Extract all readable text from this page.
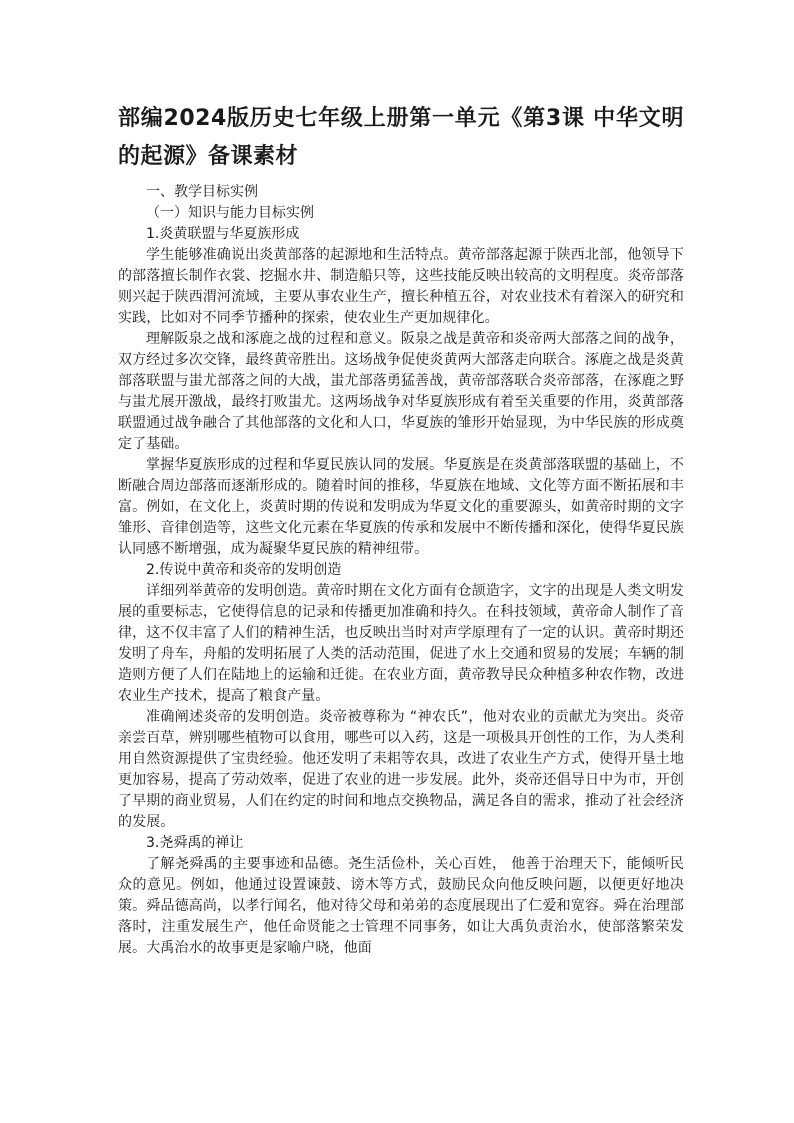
部编2024版历史七年级上册第一单元《第3课 中华文明的起源》备课素材

一、教学目标实例

（一）知识与能力目标实例

1.炎黄联盟与华夏族形成

学生能够准确说出炎黄部落的起源地和生活特点。黄帝部落起源于陕西北部，他领导下的部落擅长制作衣裳、挖掘水井、制造船只等，这些技能反映出较高的文明程度。炎帝部落则兴起于陕西渭河流域，主要从事农业生产，擅长种植五谷，对农业技术有着深入的研究和实践，比如对不同季节播种的探索，使农业生产更加规律化。

理解阪泉之战和涿鹿之战的过程和意义。阪泉之战是黄帝和炎帝两大部落之间的战争，双方经过多次交锋，最终黄帝胜出。这场战争促使炎黄两大部落走向联合。涿鹿之战是炎黄部落联盟与蚩尤部落之间的大战，蚩尤部落勇猛善战，黄帝部落联合炎帝部落，在涿鹿之野与蚩尤展开激战，最终打败蚩尤。这两场战争对华夏族形成有着至关重要的作用，炎黄部落联盟通过战争融合了其他部落的文化和人口，华夏族的雏形开始显现，为中华民族的形成奠定了基础。

掌握华夏族形成的过程和华夏民族认同的发展。华夏族是在炎黄部落联盟的基础上，不断融合周边部落而逐渐形成的。随着时间的推移，华夏族在地域、文化等方面不断拓展和丰富。例如，在文化上，炎黄时期的传说和发明成为华夏文化的重要源头，如黄帝时期的文字雏形、音律创造等，这些文化元素在华夏族的传承和发展中不断传播和深化，使得华夏民族认同感不断增强，成为凝聚华夏民族的精神纽带。

2.传说中黄帝和炎帝的发明创造

详细列举黄帝的发明创造。黄帝时期在文化方面有仓颉造字，文字的出现是人类文明发展的重要标志，它使得信息的记录和传播更加准确和持久。在科技领域，黄帝命人制作了音律，这不仅丰富了人们的精神生活，也反映出当时对声学原理有了一定的认识。黄帝时期还发明了舟车，舟船的发明拓展了人类的活动范围，促进了水上交通和贸易的发展；车辆的制造则方便了人们在陆地上的运输和迁徙。在农业方面，黄帝教导民众种植多种农作物，改进农业生产技术，提高了粮食产量。

准确阐述炎帝的发明创造。炎帝被尊称为 “神农氏”，他对农业的贡献尤为突出。炎帝亲尝百草，辨别哪些植物可以食用，哪些可以入药，这是一项极具开创性的工作，为人类利用自然资源提供了宝贵经验。他还发明了耒耜等农具，改进了农业生产方式，使得开垦土地更加容易，提高了劳动效率，促进了农业的进一步发展。此外，炎帝还倡导日中为市，开创了早期的商业贸易，人们在约定的时间和地点交换物品，满足各自的需求，推动了社会经济的发展。

3.尧舜禹的禅让

了解尧舜禹的主要事迹和品德。尧生活俭朴，关心百姓， 他善于治理天下，能倾听民众的意见。例如，他通过设置谏鼓、谤木等方式，鼓励民众向他反映问题，以便更好地决策。舜品德高尚，以孝行闻名，他对待父母和弟弟的态度展现出了仁爱和宽容。舜在治理部落时，注重发展生产，他任命贤能之士管理不同事务，如让大禹负责治水，使部落繁荣发展。大禹治水的故事更是家喻户晓，他面
